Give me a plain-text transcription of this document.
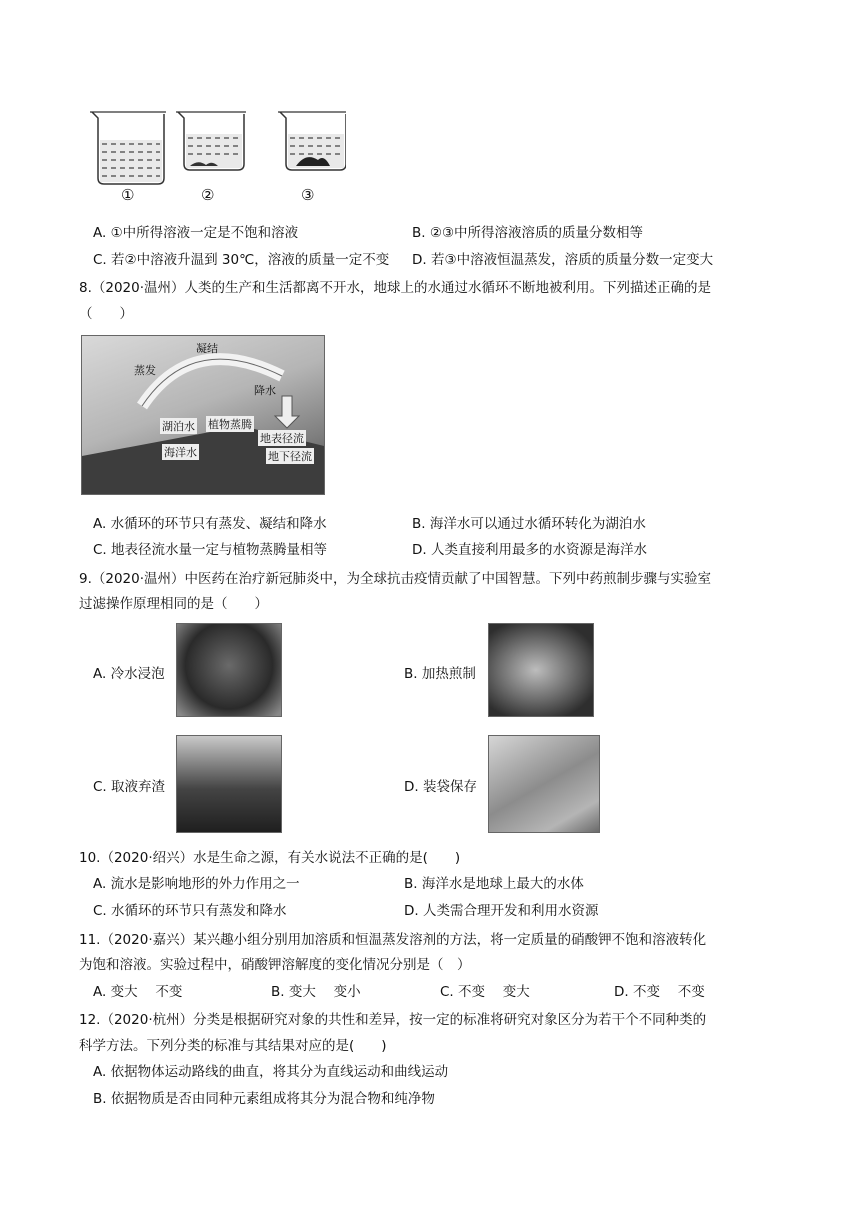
①	②	③
A. ①中所得溶液一定是不饱和溶液	B. ②③中所得溶液溶质的质量分数相等
C. 若②中溶液升温到 30℃，溶液的质量一定不变 D. 若③中溶液恒温蒸发，溶质的质量分数一定变大
8.（2020·温州）人类的生产和生活都离不开水，地球上的水通过水循环不断地被利用。下列描述正确的是
（　　）
凝结
蒸发
降水
植物蒸腾
湖泊水
海洋水
地表径流
地下径流
A. 水循环的环节只有蒸发、凝结和降水	B. 海洋水可以通过水循环转化为湖泊水
C. 地表径流水量一定与植物蒸腾量相等	D. 人类直接利用最多的水资源是海洋水
9.（2020·温州）中医药在治疗新冠肺炎中，为全球抗击疫情贡献了中国智慧。下列中药煎制步骤与实验室
过滤操作原理相同的是（　　）
A. 冷水浸泡	B. 加热煎制
C. 取液弃渣	D. 装袋保存
10.（2020·绍兴）水是生命之源，有关水说法不正确的是(　　)
A. 流水是影响地形的外力作用之一	B. 海洋水是地球上最大的水体
C. 水循环的环节只有蒸发和降水	D. 人类需合理开发和利用水资源
11.（2020·嘉兴）某兴趣小组分别用加溶质和恒温蒸发溶剂的方法，将一定质量的硝酸钾不饱和溶液转化
为饱和溶液。实验过程中，硝酸钾溶解度的变化情况分别是（　）
A. 变大　 不变	B. 变大　 变小	C. 不变　 变大	D. 不变　 不变
12.（2020·杭州）分类是根据研究对象的共性和差异，按一定的标准将研究对象区分为若干个不同种类的
科学方法。下列分类的标准与其结果对应的是(　　)
A. 依据物体运动路线的曲直，将其分为直线运动和曲线运动
B. 依据物质是否由同种元素组成将其分为混合物和纯净物
